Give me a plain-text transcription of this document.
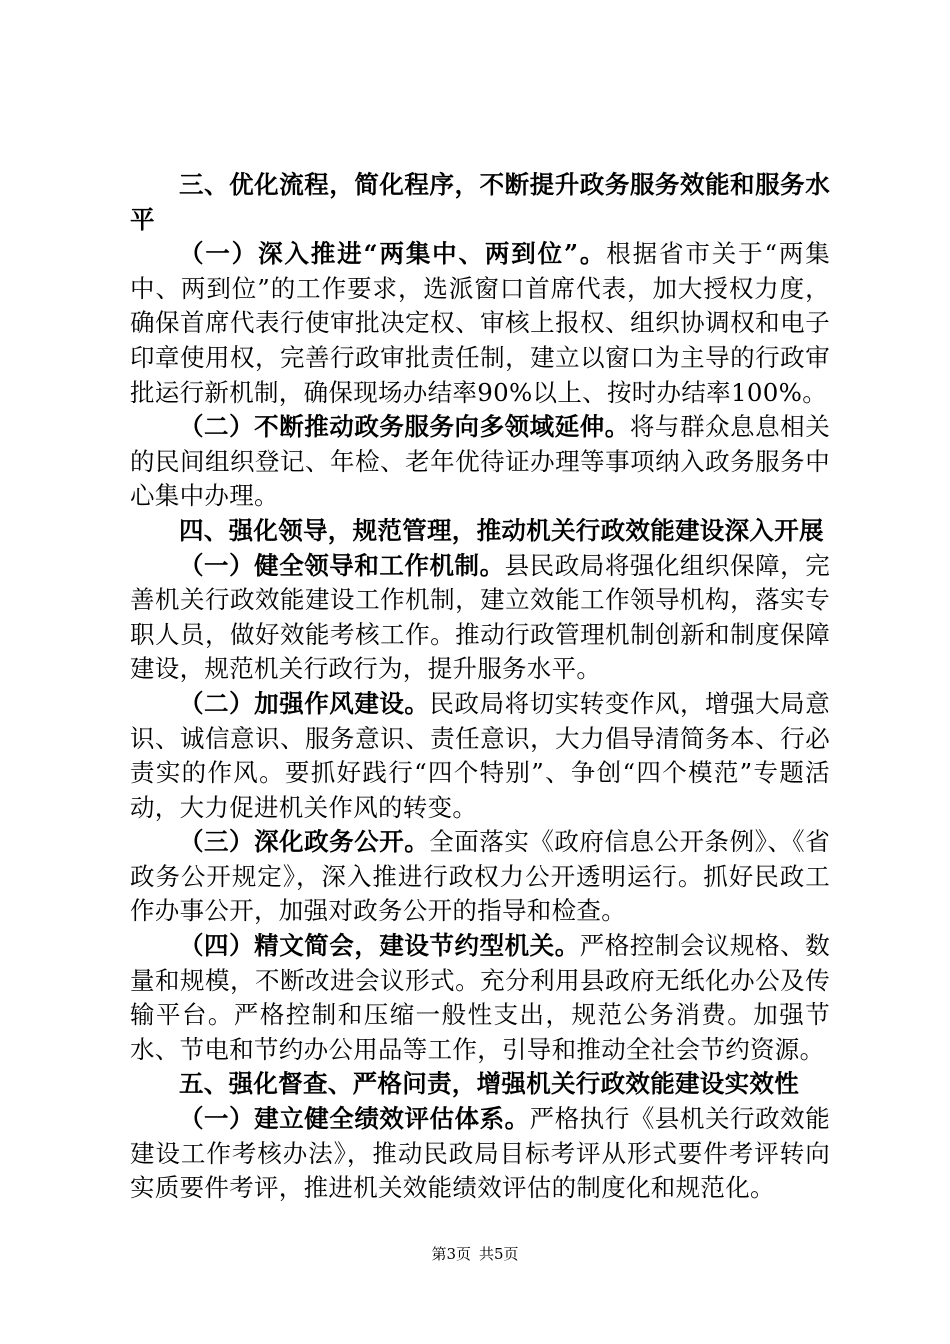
三、优化流程，简化程序，不断提升政务服务效能和服务水平

（一）深入推进“两集中、两到位”。根据省市关于“两集中、两到位”的工作要求，选派窗口首席代表，加大授权力度，确保首席代表行使审批决定权、审核上报权、组织协调权和电子印章使用权，完善行政审批责任制，建立以窗口为主导的行政审批运行新机制，确保现场办结率90%以上、按时办结率100%。

（二）不断推动政务服务向多领域延伸。将与群众息息相关的民间组织登记、年检、老年优待证办理等事项纳入政务服务中心集中办理。

四、强化领导，规范管理，推动机关行政效能建设深入开展

（一）健全领导和工作机制。县民政局将强化组织保障，完善机关行政效能建设工作机制，建立效能工作领导机构，落实专职人员，做好效能考核工作。推动行政管理机制创新和制度保障建设，规范机关行政行为，提升服务水平。

（二）加强作风建设。民政局将切实转变作风，增强大局意识、诚信意识、服务意识、责任意识，大力倡导清简务本、行必责实的作风。要抓好践行“四个特别”、争创“四个模范”专题活动，大力促进机关作风的转变。

（三）深化政务公开。全面落实《政府信息公开条例》、《省政务公开规定》，深入推进行政权力公开透明运行。抓好民政工作办事公开，加强对政务公开的指导和检查。

（四）精文简会，建设节约型机关。严格控制会议规格、数量和规模，不断改进会议形式。充分利用县政府无纸化办公及传输平台。严格控制和压缩一般性支出，规范公务消费。加强节水、节电和节约办公用品等工作，引导和推动全社会节约资源。

五、强化督查、严格问责，增强机关行政效能建设实效性

（一）建立健全绩效评估体系。严格执行《县机关行政效能建设工作考核办法》，推动民政局目标考评从形式要件考评转向实质要件考评，推进机关效能绩效评估的制度化和规范化。

第3页 共5页
